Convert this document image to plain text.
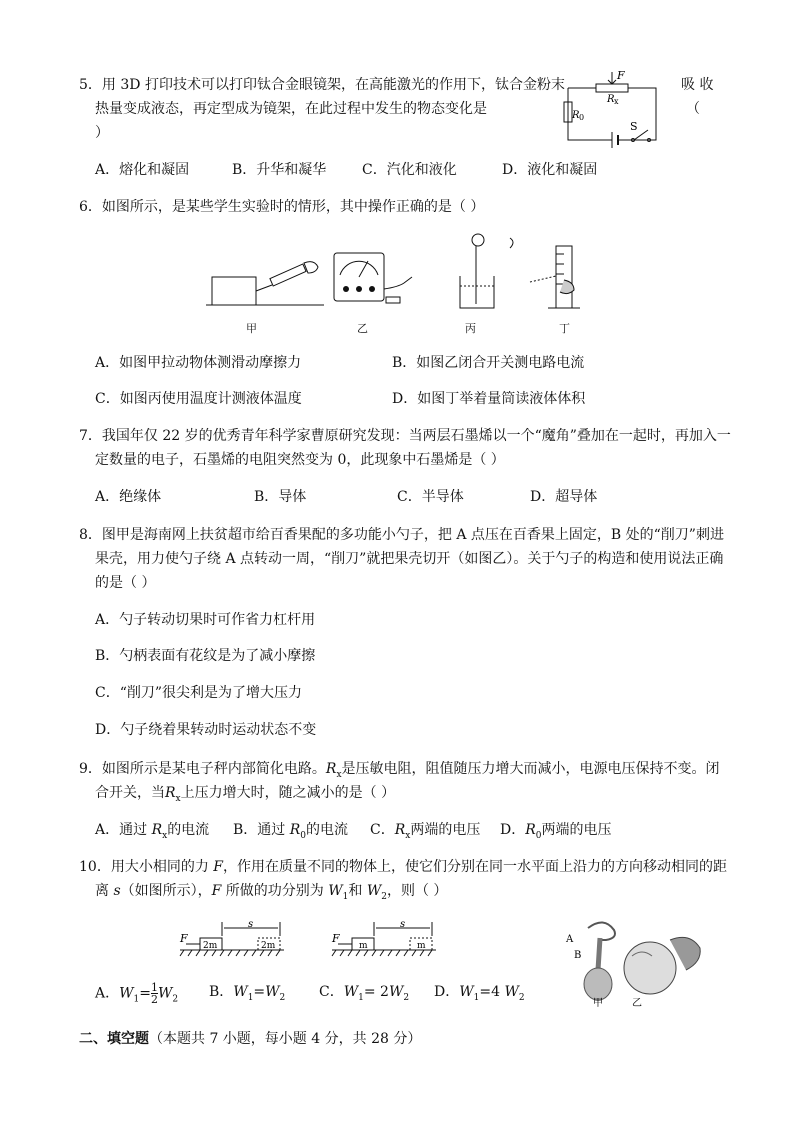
5．用 3D 打印技术可以打印钛合金眼镜架，在高能激光的作用下，钛合金粉末	吸 收
热量变成液态，再定型成为镜架，在此过程中发生的物态变化是	（
）
F
R x
R 0
S
A．熔化和凝固	B．升华和凝华	C．汽化和液化	D．液化和凝固
6．如图所示，是某些学生实验时的情形，其中操作正确的是（ ）
甲	乙	丙	丁
A．如图甲拉动物体测滑动摩擦力	B．如图乙闭合开关测电路电流
C．如图丙使用温度计测液体温度	D．如图丁举着量筒读液体体积
7．我国年仅 22 岁的优秀青年科学家曹原研究发现：当两层石墨烯以一个“魔角”叠加在一起时，再加入一
定数量的电子，石墨烯的电阻突然变为 0，此现象中石墨烯是（ ）
A．绝缘体	B．导体	C．半导体	D．超导体
8．图甲是海南网上扶贫超市给百香果配的多功能小勺子，把 A 点压在百香果上固定，B 处的“削刀”刺进
果壳，用力使勺子绕 A 点转动一周，“削刀”就把果壳切开（如图乙）。关于勺子的构造和使用说法正确
的是（ ）
A．勺子转动切果时可作省力杠杆用
B．勺柄表面有花纹是为了减小摩擦
C．“削刀”很尖利是为了增大压力
D．勺子绕着果转动时运动状态不变
9．如图所示是某电子秤内部简化电路。$R_x$是压敏电阻，阻值随压力增大而减小，电源电压保持不变。闭
合开关，当$R_x$上压力增大时，随之减小的是（ ）
A．通过 $R_x$的电流 B．通过 $R_0$的电流 C．$R_x$两端的电压 D．$R_0$两端的电压
10．用大小相同的力 F，作用在质量不同的物体上，使它们分别在同一水平面上沿力的方向移动相同的距
离 s（如图所示），F 所做的功分别为 $W_1$和 $W_2$，则（ ）
F
2m	2m
s
F
m	m
s
A
B
甲	乙
A．$W_1= \frac{1}{2} W_2$ B．$W_1=W_2$ C．$W_1= 2W_2$ D．$W_1=4$ $W_2$
二、填空题（本题共 7 小题，每小题 4 分，共 28 分）
